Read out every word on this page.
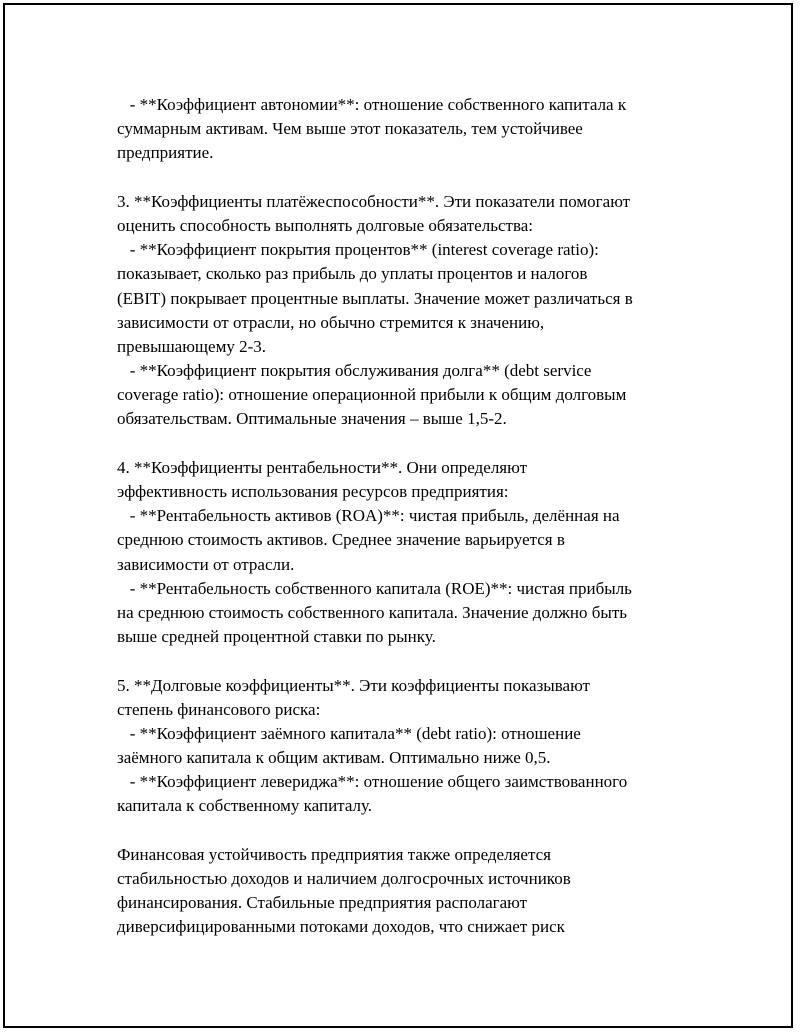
- **Коэффициент автономии**: отношение собственного капитала к
суммарным активам. Чем выше этот показатель, тем устойчивее
предприятие.
3. **Коэффициенты платёжеспособности**. Эти показатели помогают
оценить способность выполнять долговые обязательства:
- **Коэффициент покрытия процентов** (interest coverage ratio):
показывает, сколько раз прибыль до уплаты процентов и налогов
(EBIT) покрывает процентные выплаты. Значение может различаться в
зависимости от отрасли, но обычно стремится к значению,
превышающему 2-3.
- **Коэффициент покрытия обслуживания долга** (debt service
coverage ratio): отношение операционной прибыли к общим долговым
обязательствам. Оптимальные значения – выше 1,5-2.
4. **Коэффициенты рентабельности**. Они определяют
эффективность использования ресурсов предприятия:
- **Рентабельность активов (ROA)**: чистая прибыль, делённая на
среднюю стоимость активов. Среднее значение варьируется в
зависимости от отрасли.
- **Рентабельность собственного капитала (ROE)**: чистая прибыль
на среднюю стоимость собственного капитала. Значение должно быть
выше средней процентной ставки по рынку.
5. **Долговые коэффициенты**. Эти коэффициенты показывают
степень финансового риска:
- **Коэффициент заёмного капитала** (debt ratio): отношение
заёмного капитала к общим активам. Оптимально ниже 0,5.
- **Коэффициент левериджа**: отношение общего заимствованного
капитала к собственному капиталу.
Финансовая устойчивость предприятия также определяется
стабильностью доходов и наличием долгосрочных источников
финансирования. Стабильные предприятия располагают
диверсифицированными потоками доходов, что снижает риск
